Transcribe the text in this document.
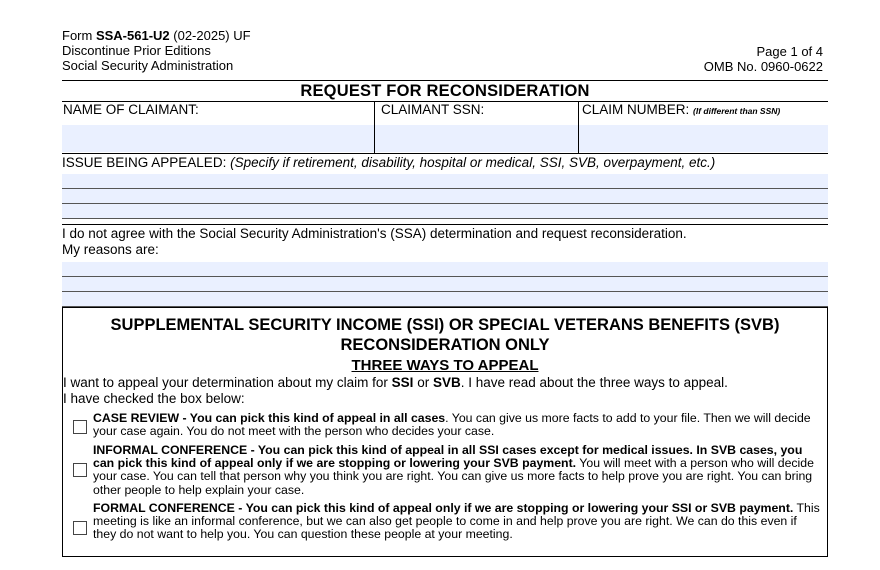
Form SSA-561-U2 (02-2025) UF
Discontinue Prior Editions
Social Security Administration
Page 1 of 4
OMB No. 0960-0622
REQUEST FOR RECONSIDERATION
NAME OF CLAIMANT:	CLAIMANT SSN:	CLAIM NUMBER: (If different than SSN)
ISSUE BEING APPEALED: (Specify if retirement, disability, hospital or medical, SSI, SVB, overpayment, etc.)
I do not agree with the Social Security Administration's (SSA) determination and request reconsideration.
My reasons are:
SUPPLEMENTAL SECURITY INCOME (SSI) OR SPECIAL VETERANS BENEFITS (SVB)
RECONSIDERATION ONLY
THREE WAYS TO APPEAL
I want to appeal your determination about my claim for SSI or SVB. I have read about the three ways to appeal.
I have checked the box below:
CASE REVIEW - You can pick this kind of appeal in all cases. You can give us more facts to add to your file. Then we will decide your case again. You do not meet with the person who decides your case.
INFORMAL CONFERENCE - You can pick this kind of appeal in all SSI cases except for medical issues. In SVB cases, you can pick this kind of appeal only if we are stopping or lowering your SVB payment. You will meet with a person who will decide your case. You can tell that person why you think you are right. You can give us more facts to help prove you are right. You can bring other people to help explain your case.
FORMAL CONFERENCE - You can pick this kind of appeal only if we are stopping or lowering your SSI or SVB payment. This meeting is like an informal conference, but we can also get people to come in and help prove you are right. We can do this even if they do not want to help you. You can question these people at your meeting.
